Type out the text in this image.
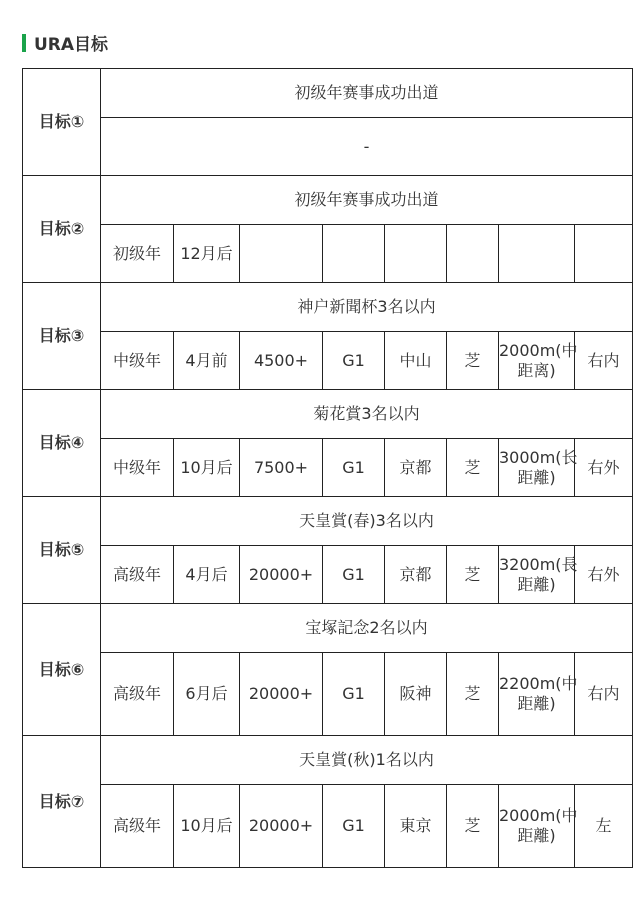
URA目标
目标①	初级年赛事成功出道							
	-							
目标②	初级年赛事成功出道							
	初级年	12月后						
目标③	神户新聞杯3名以内							
	中级年	4月前	4500+	G1	中山	芝	2000m(中距离)	右内
目标④	菊花賞3名以内							
	中级年	10月后	7500+	G1	京都	芝	3000m(长距離)	右外
目标⑤	天皇賞(春)3名以内							
	高级年	4月后	20000+	G1	京都	芝	3200m(長距離)	右外
目标⑥	宝塚記念2名以内							
	高级年	6月后	20000+	G1	阪神	芝	2200m(中距離)	右内
目标⑦	天皇賞(秋)1名以内							
	高级年	10月后	20000+	G1	東京	芝	2000m(中距離)	左
